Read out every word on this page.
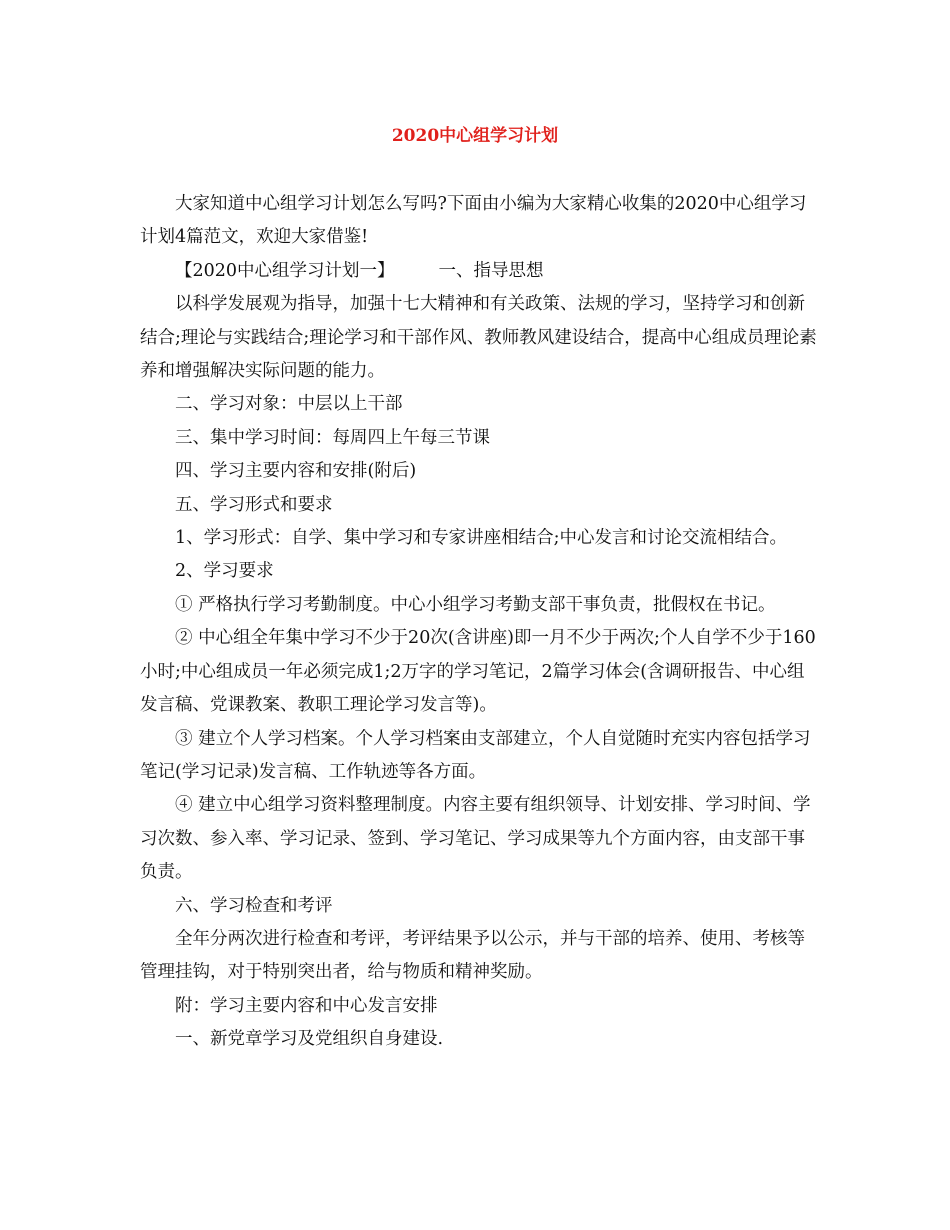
2020中心组学习计划

大家知道中心组学习计划怎么写吗?下面由小编为大家精心收集的2020中心组学习计划4篇范文，欢迎大家借鉴!

【2020中心组学习计划一】	一、指导思想

以科学发展观为指导，加强十七大精神和有关政策、法规的学习，坚持学习和创新结合;理论与实践结合;理论学习和干部作风、教师教风建设结合，提高中心组成员理论素养和增强解决实际问题的能力。

二、学习对象：中层以上干部

三、集中学习时间：每周四上午每三节课

四、学习主要内容和安排(附后)

五、学习形式和要求

1、学习形式：自学、集中学习和专家讲座相结合;中心发言和讨论交流相结合。

2、学习要求

① 严格执行学习考勤制度。中心小组学习考勤支部干事负责，批假权在书记。

② 中心组全年集中学习不少于20次(含讲座)即一月不少于两次;个人自学不少于160小时;中心组成员一年必须完成1;2万字的学习笔记，2篇学习体会(含调研报告、中心组发言稿、党课教案、教职工理论学习发言等)。

③ 建立个人学习档案。个人学习档案由支部建立，个人自觉随时充实内容包括学习笔记(学习记录)发言稿、工作轨迹等各方面。

④ 建立中心组学习资料整理制度。内容主要有组织领导、计划安排、学习时间、学习次数、参入率、学习记录、签到、学习笔记、学习成果等九个方面内容，由支部干事负责。

六、学习检查和考评

全年分两次进行检查和考评，考评结果予以公示，并与干部的培养、使用、考核等管理挂钩，对于特别突出者，给与物质和精神奖励。

附：学习主要内容和中心发言安排

一、新党章学习及党组织自身建设.
